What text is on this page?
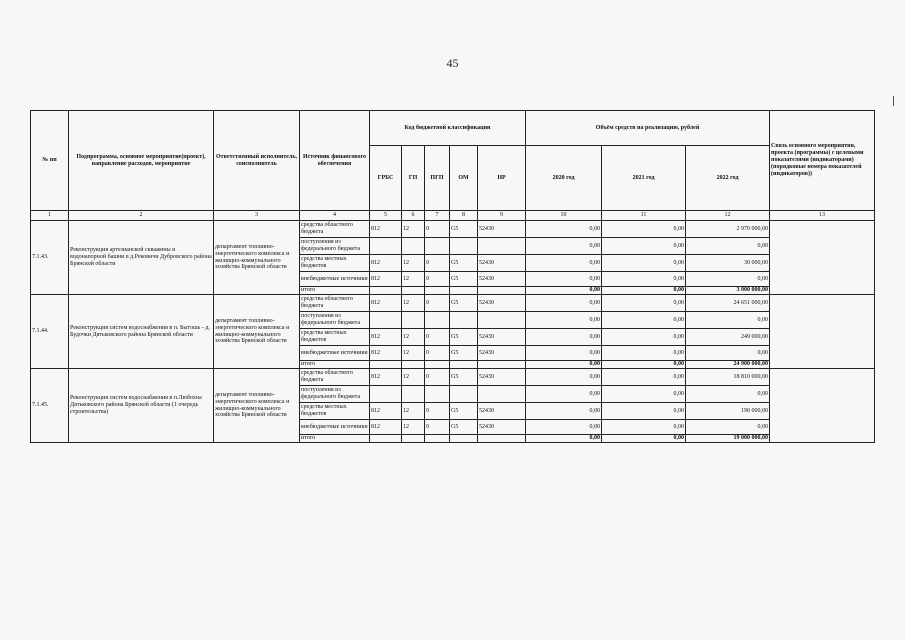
45
№ пп	Подпрограмма, основное мероприятие(проект), направление расходов, мероприятие	Ответственный исполнитель, соисполнитель	Источник финансового обеспечения	Код бюджетной классификации					Объём средств на реализацию, рублей			Связь основного мероприятия, проекта (программы) с целевыми показателями (индикаторами) (порядковые номера показателей (индикаторов))
				ГРБС	ГП	ПГП	ОМ	НР	2020 год	2021 год	2022 год	
1	2	3	4	5	6	7	8	9	10	11	12	13
7.1.43.	Реконструкция артезианской скважины и водонапорной башни в д.Рековичи Дубровского района Брянской области	департамент топливно-энергетического комплекса и жилищно-коммунального хозяйства Брянской области	средства областного бюджета	812	12	0	G5	52430	0,00	0,00	2 970 000,00	
			поступления из федерального бюджета						0,00	0,00	0,00	
			средства местных бюджетов	812	12	0	G5	52430	0,00	0,00	30 000,00	
			внебюджетные источники	812	12	0	G5	52430	0,00	0,00	0,00	
			итого						0,00	0,00	3 000 000,00	
7.1.44.	Реконструкция систем водоснабжения в п. Бытошь - д. Будочки Дятьковского района Брянской области	департамент топливно-энергетического комплекса и жилищно-коммунального хозяйства Брянской области	средства областного бюджета	812	12	0	G5	52430	0,00	0,00	24 651 000,00	
			поступления из федерального бюджета						0,00	0,00	0,00	
			средства местных бюджетов	812	12	0	G5	52430	0,00	0,00	249 000,00	
			внебюджетные источники	812	12	0	G5	52430	0,00	0,00	0,00	
			итого						0,00	0,00	24 900 000,00	
7.1.45.	Реконструкция систем водоснабжения в п.Любохна Дятьковского района Брянской области (1 очередь строительства)	департамент топливно-энергетического комплекса и жилищно-коммунального хозяйства Брянской области	средства областного бюджета	812	12	0	G5	52430	0,00	0,00	18 810 000,00	
			поступления из федерального бюджета						0,00	0,00	0,00	
			средства местных бюджетов	812	12	0	G5	52430	0,00	0,00	190 000,00	
			внебюджетные источники	812	12	0	G5	52430	0,00	0,00	0,00	
			итого						0,00	0,00	19 000 000,00	
